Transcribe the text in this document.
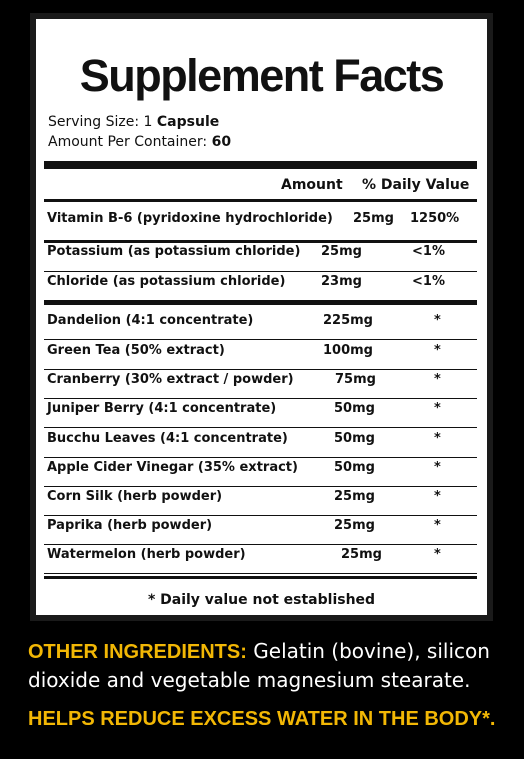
Supplement Facts
Serving Size: 1 Capsule
Amount Per Container: 60
Amount % Daily Value
Vitamin B-6 (pyridoxine hydrochloride) 25mg 1250%
Potassium (as potassium chloride) 25mg	<1%
Chloride (as potassium chloride)	23mg	<1%
Dandelion (4:1 concentrate)	225mg	*
Green Tea (50% extract)	100mg	*
Cranberry (30% extract / powder)	75mg	*
Juniper Berry (4:1 concentrate)	50mg	*
Bucchu Leaves (4:1 concentrate)	50mg	*
Apple Cider Vinegar (35% extract)	50mg	*
Corn Silk (herb powder)	25mg	*
Paprika (herb powder)	25mg	*
Watermelon (herb powder)	25mg	*
* Daily value not established
OTHER INGREDIENTS: Gelatin (bovine), silicon
dioxide and vegetable magnesium stearate.
HELPS REDUCE EXCESS WATER IN THE BODY*.
